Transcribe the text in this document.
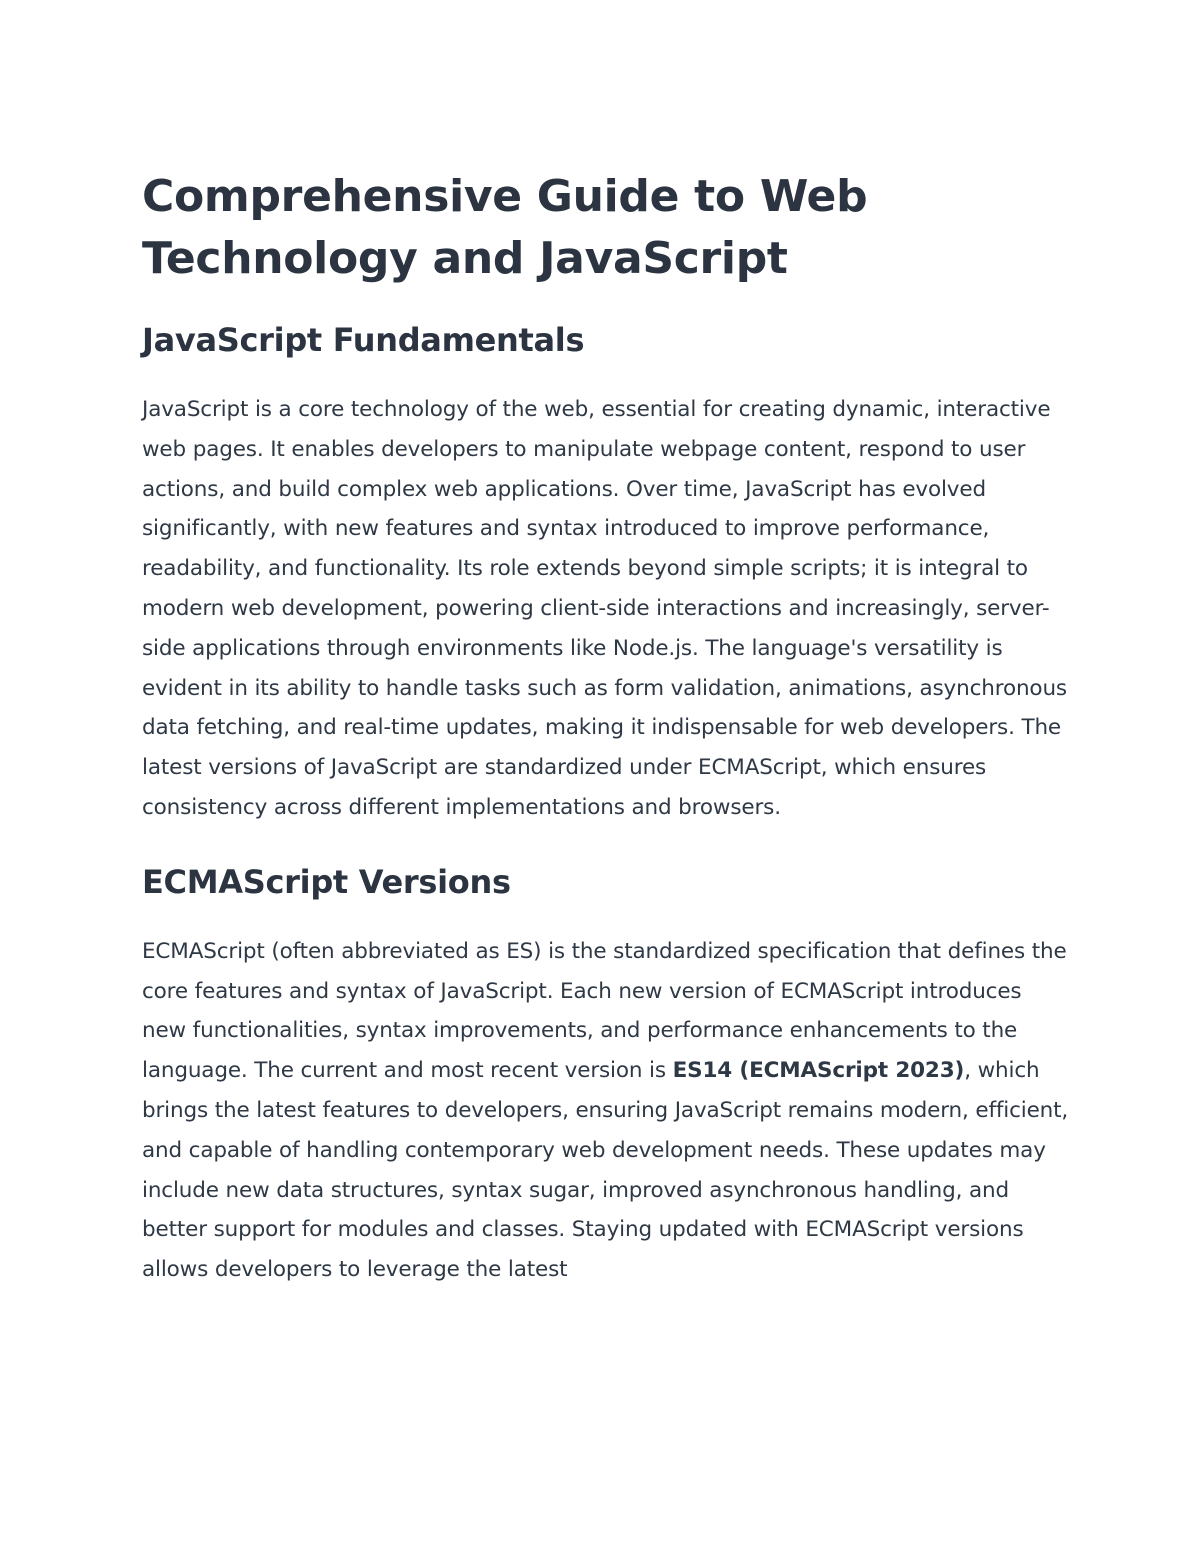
Comprehensive Guide to Web Technology and JavaScript
JavaScript Fundamentals

JavaScript is a core technology of the web, essential for creating dynamic, interactive web pages. It enables developers to manipulate webpage content, respond to user actions, and build complex web applications. Over time, JavaScript has evolved significantly, with new features and syntax introduced to improve performance, readability, and functionality. Its role extends beyond simple scripts; it is integral to modern web development, powering client-side interactions and increasingly, server-side applications through environments like Node.js. The language's versatility is evident in its ability to handle tasks such as form validation, animations, asynchronous data fetching, and real-time updates, making it indispensable for web developers. The latest versions of JavaScript are standardized under ECMAScript, which ensures consistency across different implementations and browsers.

ECMAScript Versions

ECMAScript (often abbreviated as ES) is the standardized specification that defines the core features and syntax of JavaScript. Each new version of ECMAScript introduces new functionalities, syntax improvements, and performance enhancements to the language. The current and most recent version is ES14 (ECMAScript 2023), which brings the latest features to developers, ensuring JavaScript remains modern, efficient, and capable of handling contemporary web development needs. These updates may include new data structures, syntax sugar, improved asynchronous handling, and better support for modules and classes. Staying updated with ECMAScript versions allows developers to leverage the latest
